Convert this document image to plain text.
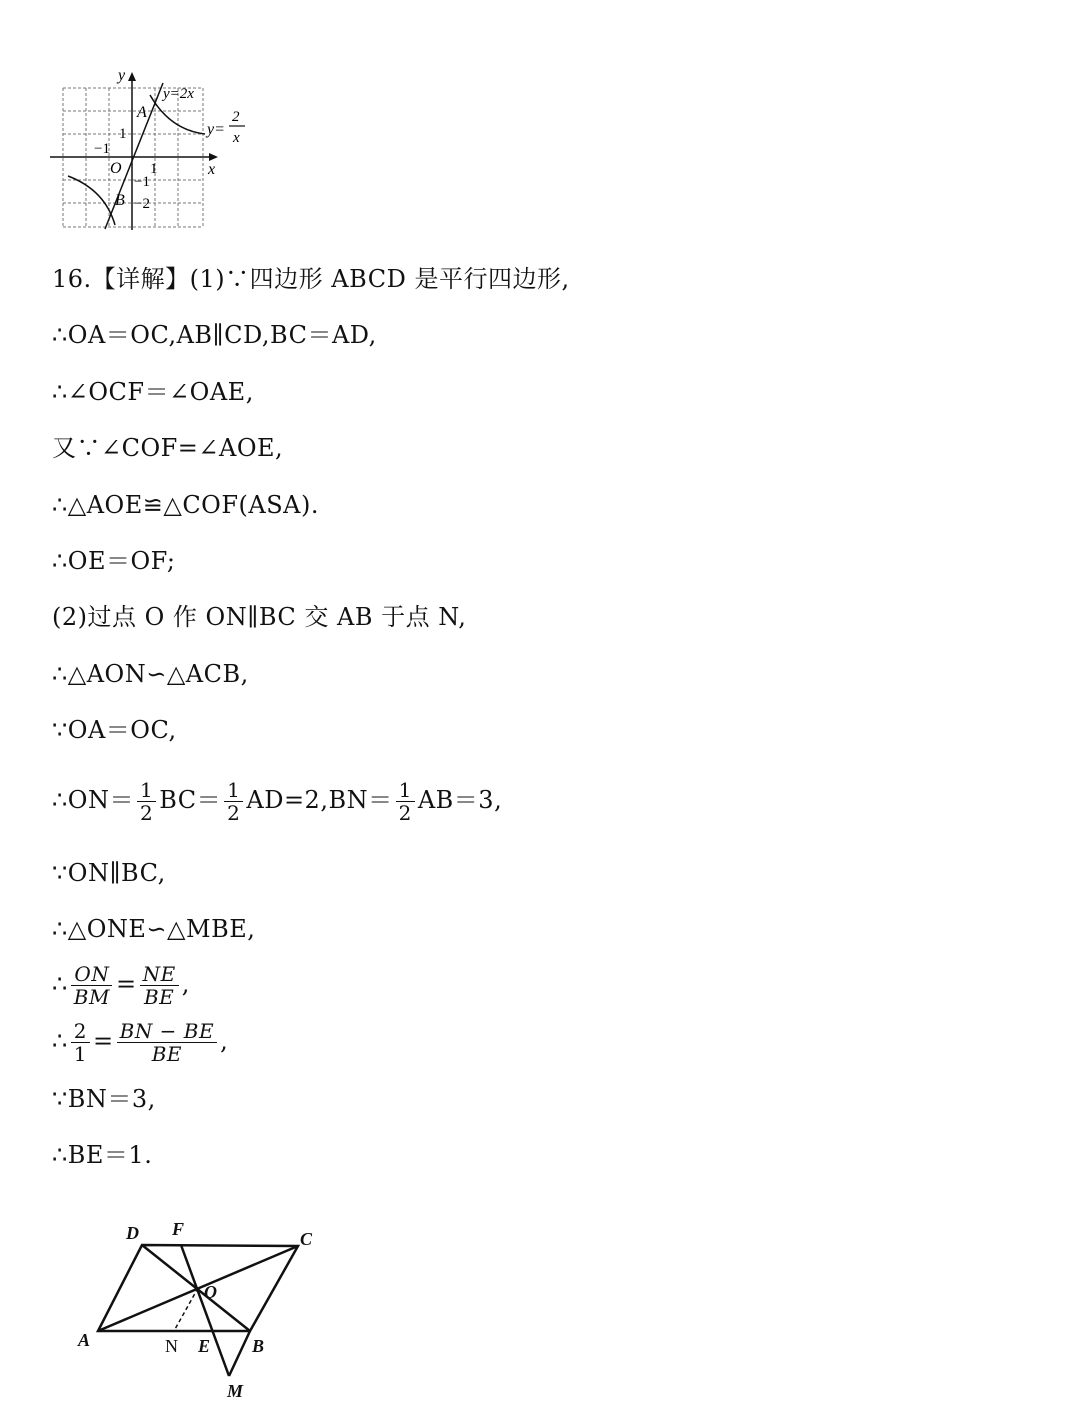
y
x
O
A
B
y=2x
y=
2
x
1
−1
1
−1
−2
16.【详解】(1)∵四边形 ABCD 是平行四边形,
∴OA＝OC,AB∥CD,BC＝AD,
∴∠OCF＝∠OAE,
又∵∠COF=∠AOE,
∴△AOE≌△COF(ASA).
∴OE＝OF;
(2)过点 O 作 ON∥BC 交 AB 于点 N,
∴△AON∽△ACB,
∵OA＝OC,
∴ON＝ $\frac{1}{2} BC= \frac{1}{2} AD=2,BN= \frac{1}{2} AB=3$,
∵ON∥BC,
∴△ONE∽△MBE,
∴ $\frac{ON}{BM} = \frac{NE}{BE}$ ,
∴ $\frac{2}{1} = \frac{BN - BE}{BE}$ ,
∵BN＝3,
∴BE＝1.
D F	C
O
A	E B
M
N
